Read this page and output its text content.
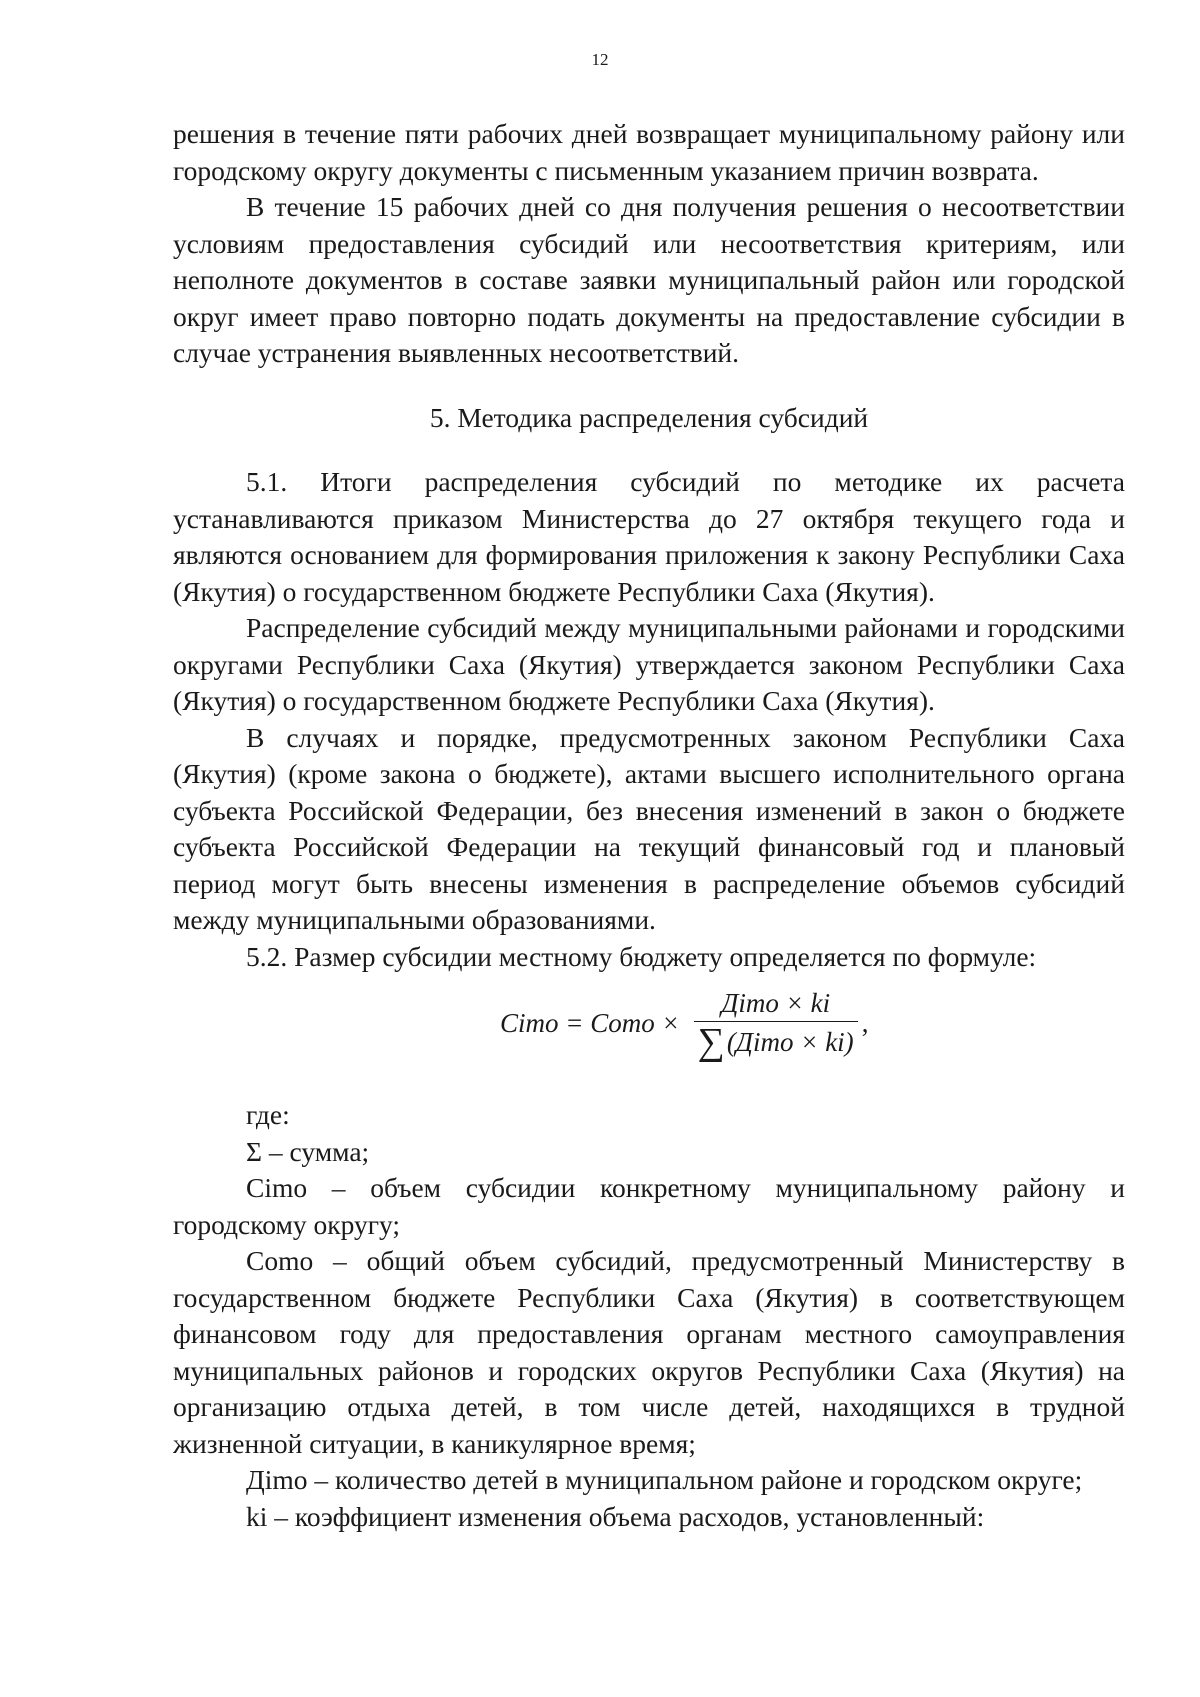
12

решения в течение пяти рабочих дней возвращает муниципальному району или городскому округу документы с письменным указанием причин возврата.

В течение 15 рабочих дней со дня получения решения о несоответствии условиям предоставления субсидий или несоответствия критериям, или неполноте документов в составе заявки муниципальный район или городской округ имеет право повторно подать документы на предоставление субсидии в случае устранения выявленных несоответствий.

5. Методика распределения субсидий

5.1. Итоги распределения субсидий по методике их расчета устанавливаются приказом Министерства до 27 октября текущего года и являются основанием для формирования приложения к закону Республики Саха (Якутия) о государственном бюджете Республики Саха (Якутия).

Распределение субсидий между муниципальными районами и городскими округами Республики Саха (Якутия) утверждается законом Республики Саха (Якутия) о государственном бюджете Республики Саха (Якутия).

В случаях и порядке, предусмотренных законом Республики Саха (Якутия) (кроме закона о бюджете), актами высшего исполнительного органа субъекта Российской Федерации, без внесения изменений в закон о бюджете субъекта Российской Федерации на текущий финансовый год и плановый период могут быть внесены изменения в распределение объемов субсидий между муниципальными образованиями.

5.2. Размер субсидии местному бюджету определяется по формуле:

Cimo = Como × $\frac{\text{Дimo × ki}}{\text{∑ (Дimo × ki)}}$ ,

где:

Σ – сумма;

Cimo – объем субсидии конкретному муниципальному району и городскому округу;

Como – общий объем субсидий, предусмотренный Министерству в государственном бюджете Республики Саха (Якутия) в соответствующем финансовом году для предоставления органам местного самоуправления муниципальных районов и городских округов Республики Саха (Якутия) на организацию отдыха детей, в том числе детей, находящихся в трудной жизненной ситуации, в каникулярное время;

Дimo – количество детей в муниципальном районе и городском округе;

ki – коэффициент изменения объема расходов, установленный:
